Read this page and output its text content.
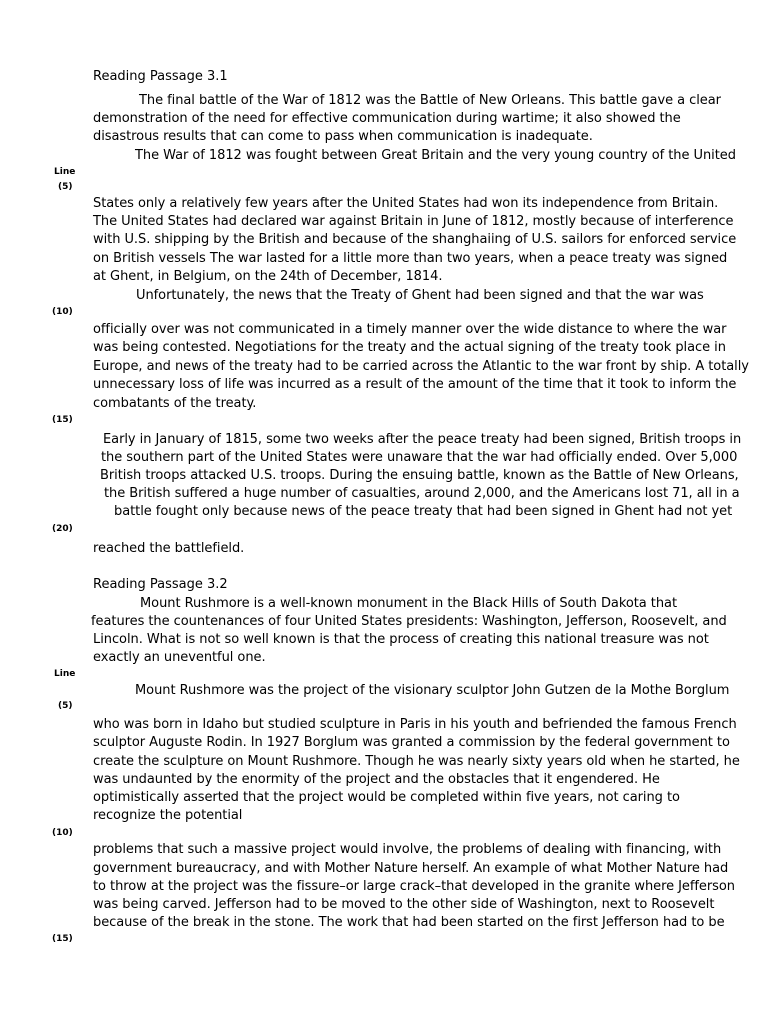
Reading Passage 3.1
The final battle of the War of 1812 was the Battle of New Orleans. This battle gave a clear
demonstration of the need for effective communication during wartime; it also showed the
disastrous results that can come to pass when communication is inadequate.
The War of 1812 was fought between Great Britain and the very young country of the United
Line
(5)
States only a relatively few years after the United States had won its independence from Britain.
The United States had declared war against Britain in June of 1812, mostly because of interference
with U.S. shipping by the British and because of the shanghaiing of U.S. sailors for enforced service
on British vessels The war lasted for a little more than two years, when a peace treaty was signed
at Ghent, in Belgium, on the 24th of December, 1814.
Unfortunately, the news that the Treaty of Ghent had been signed and that the war was
(10)
officially over was not communicated in a timely manner over the wide distance to where the war
was being contested. Negotiations for the treaty and the actual signing of the treaty took place in
Europe, and news of the treaty had to be carried across the Atlantic to the war front by ship. A totally
unnecessary loss of life was incurred as a result of the amount of the time that it took to inform the
combatants of the treaty.
(15)
Early in January of 1815, some two weeks after the peace treaty had been signed, British troops in
the southern part of the United States were unaware that the war had officially ended. Over 5,000
British troops attacked U.S. troops. During the ensuing battle, known as the Battle of New Orleans,
the British suffered a huge number of casualties, around 2,000, and the Americans lost 71, all in a
battle fought only because news of the peace treaty that had been signed in Ghent had not yet
(20)
reached the battlefield.
Reading Passage 3.2
Mount Rushmore is a well-known monument in the Black Hills of South Dakota that
features the countenances of four United States presidents: Washington, Jefferson, Roosevelt, and
Lincoln. What is not so well known is that the process of creating this national treasure was not
exactly an uneventful one.
Line
Mount Rushmore was the project of the visionary sculptor John Gutzen de la Mothe Borglum
(5)
who was born in Idaho but studied sculpture in Paris in his youth and befriended the famous French
sculptor Auguste Rodin. In 1927 Borglum was granted a commission by the federal government to
create the sculpture on Mount Rushmore. Though he was nearly sixty years old when he started, he
was undaunted by the enormity of the project and the obstacles that it engendered. He
optimistically asserted that the project would be completed within five years, not caring to
recognize the potential
(10)
problems that such a massive project would involve, the problems of dealing with financing, with
government bureaucracy, and with Mother Nature herself. An example of what Mother Nature had
to throw at the project was the fissure–or large crack–that developed in the granite where Jefferson
was being carved. Jefferson had to be moved to the other side of Washington, next to Roosevelt
because of the break in the stone. The work that had been started on the first Jefferson had to be
(15)
